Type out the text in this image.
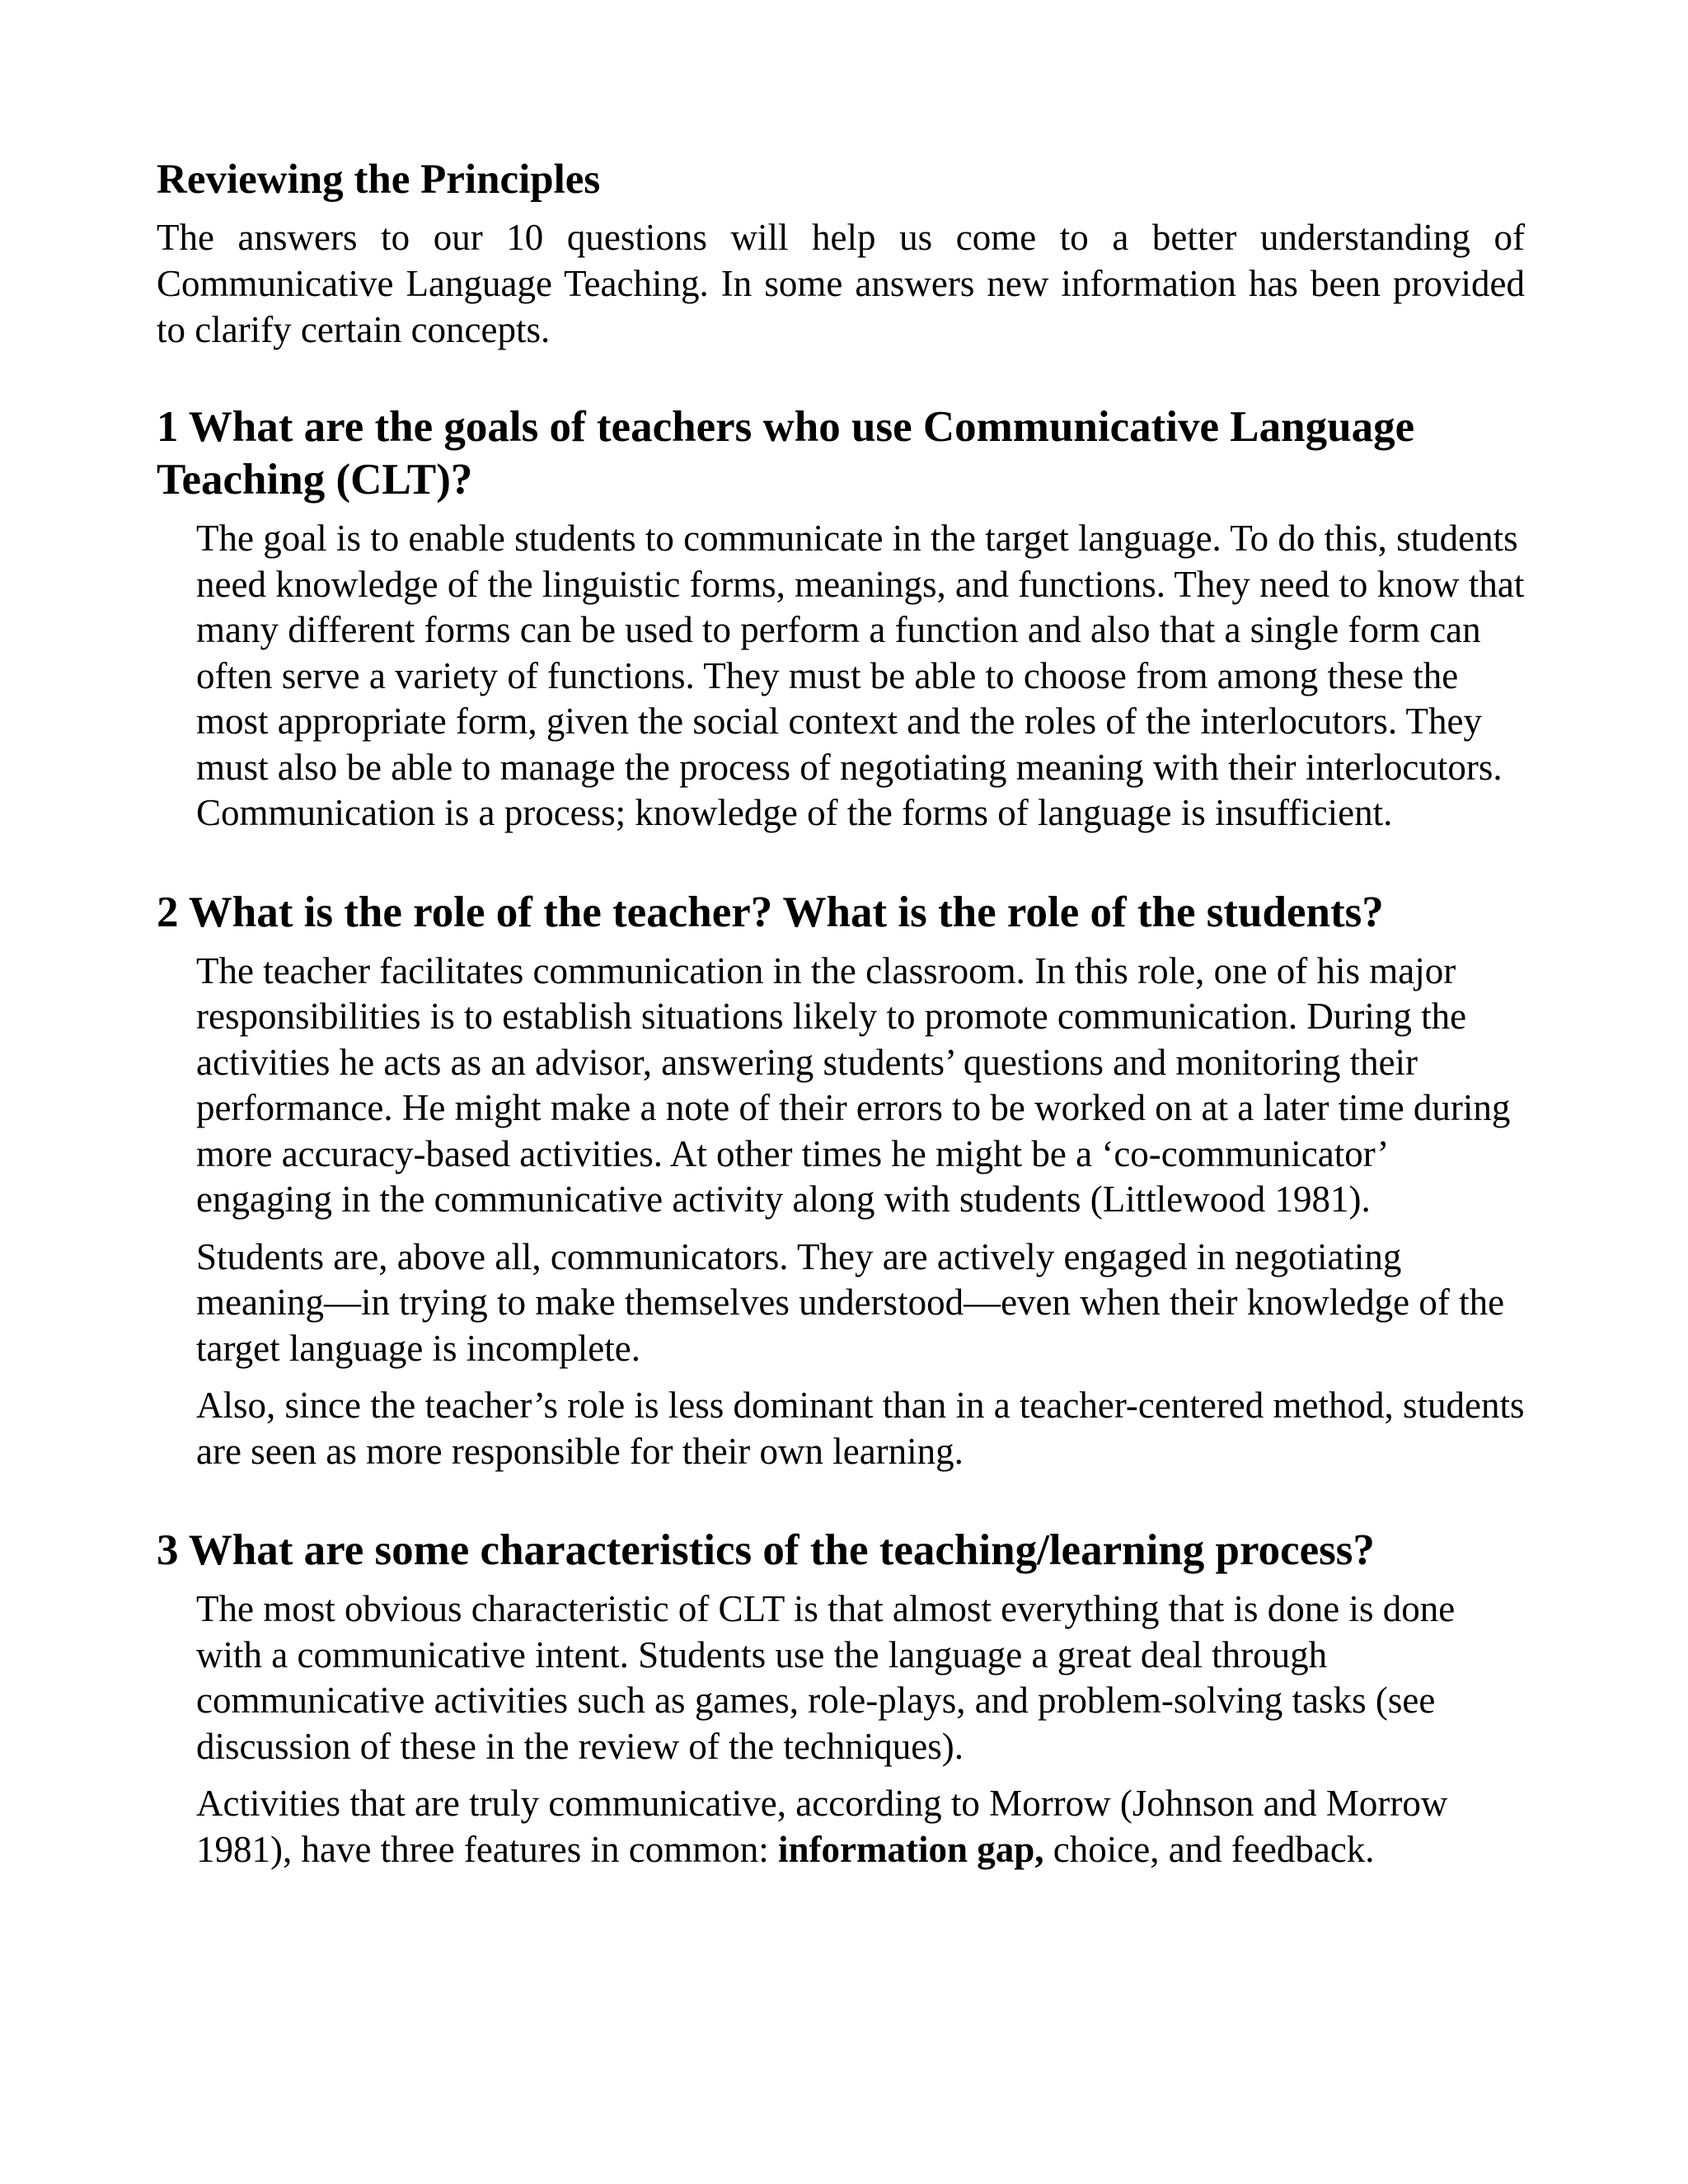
Reviewing the Principles

The answers to our 10 questions will help us come to a better understanding of Communicative Language Teaching. In some answers new information has been provided to clarify certain concepts.

1 What are the goals of teachers who use Communicative Language Teaching (CLT)?

The goal is to enable students to communicate in the target language. To do this, students need knowledge of the linguistic forms, meanings, and functions. They need to know that many different forms can be used to perform a function and also that a single form can often serve a variety of functions. They must be able to choose from among these the most appropriate form, given the social context and the roles of the interlocutors. They must also be able to manage the process of negotiating meaning with their interlocutors. Communication is a process; knowledge of the forms of language is insufficient.

2 What is the role of the teacher? What is the role of the students?

The teacher facilitates communication in the classroom. In this role, one of his major responsibilities is to establish situations likely to promote communication. During the activities he acts as an advisor, answering students’ questions and monitoring their performance. He might make a note of their errors to be worked on at a later time during more accuracy-based activities. At other times he might be a ‘co-communicator’ engaging in the communicative activity along with students (Littlewood 1981).

Students are, above all, communicators. They are actively engaged in negotiating meaning—in trying to make themselves understood—even when their knowledge of the target language is incomplete.

Also, since the teacher’s role is less dominant than in a teacher-centered method, students are seen as more responsible for their own learning.

3 What are some characteristics of the teaching/learning process?

The most obvious characteristic of CLT is that almost everything that is done is done with a communicative intent. Students use the language a great deal through communicative activities such as games, role-plays, and problem-solving tasks (see discussion of these in the review of the techniques).

Activities that are truly communicative, according to Morrow (Johnson and Morrow 1981), have three features in common: information gap, choice, and feedback.
